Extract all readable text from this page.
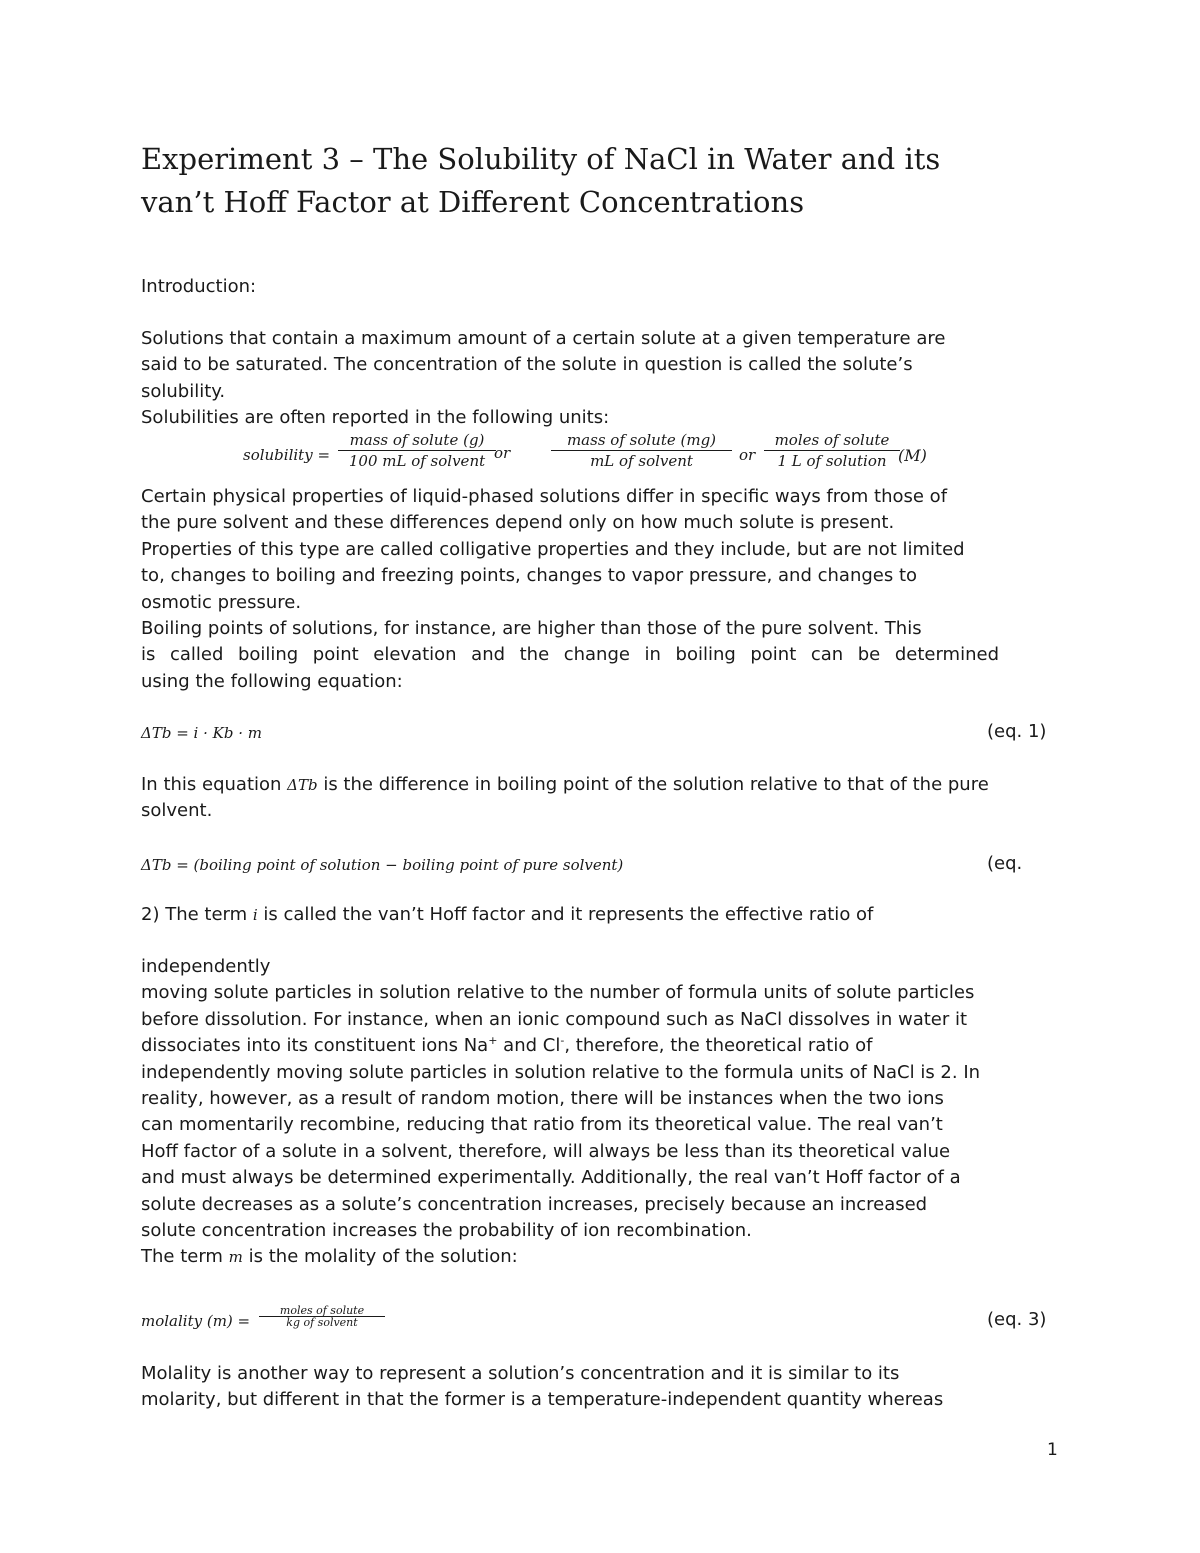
Experiment 3 – The Solubility of NaCl in Water and its
van’t Hoff Factor at Different Concentrations

Introduction:

Solutions that contain a maximum amount of a certain solute at a given temperature are
said to be saturated. The concentration of the solute in question is called the solute’s
solubility.
Solubilities are often reported in the following units:
solubility =
mass of solute (g)
100 mL of solvent or
mass of solute (mg)
mL of solvent	or
moles of solute
1 L of solution (M)
Certain physical properties of liquid-phased solutions differ in specific ways from those of
the pure solvent and these differences depend only on how much solute is present.
Properties of this type are called colligative properties and they include, but are not limited
to, changes to boiling and freezing points, changes to vapor pressure, and changes to
osmotic pressure.
Boiling points of solutions, for instance, are higher than those of the pure solvent. This

is called boiling point elevation and the change in boiling point can be determined
using the following equation:
ΔTb = i · Kb · m	(eq. 1)
In this equation ΔTb is the difference in boiling point of the solution relative to that of the pure
solvent.
ΔTb = (boiling point of solution − boiling point of pure solvent)	(eq.
2) The term i is called the van’t Hoff factor and it represents the effective ratio of
independently
moving solute particles in solution relative to the number of formula units of solute particles
before dissolution. For instance, when an ionic compound such as NaCl dissolves in water it
dissociates into its constituent ions Na+ and Cl-, therefore, the theoretical ratio of
independently moving solute particles in solution relative to the formula units of NaCl is 2. In
reality, however, as a result of random motion, there will be instances when the two ions
can momentarily recombine, reducing that ratio from its theoretical value. The real van’t
Hoff factor of a solute in a solvent, therefore, will always be less than its theoretical value
and must always be determined experimentally. Additionally, the real van’t Hoff factor of a
solute decreases as a solute’s concentration increases, precisely because an increased
solute concentration increases the probability of ion recombination.
The term m is the molality of the solution:
molality (m) =
moles of solute
kg of solvent	(eq. 3)
Molality is another way to represent a solution’s concentration and it is similar to its
molarity, but different in that the former is a temperature-independent quantity whereas
1
